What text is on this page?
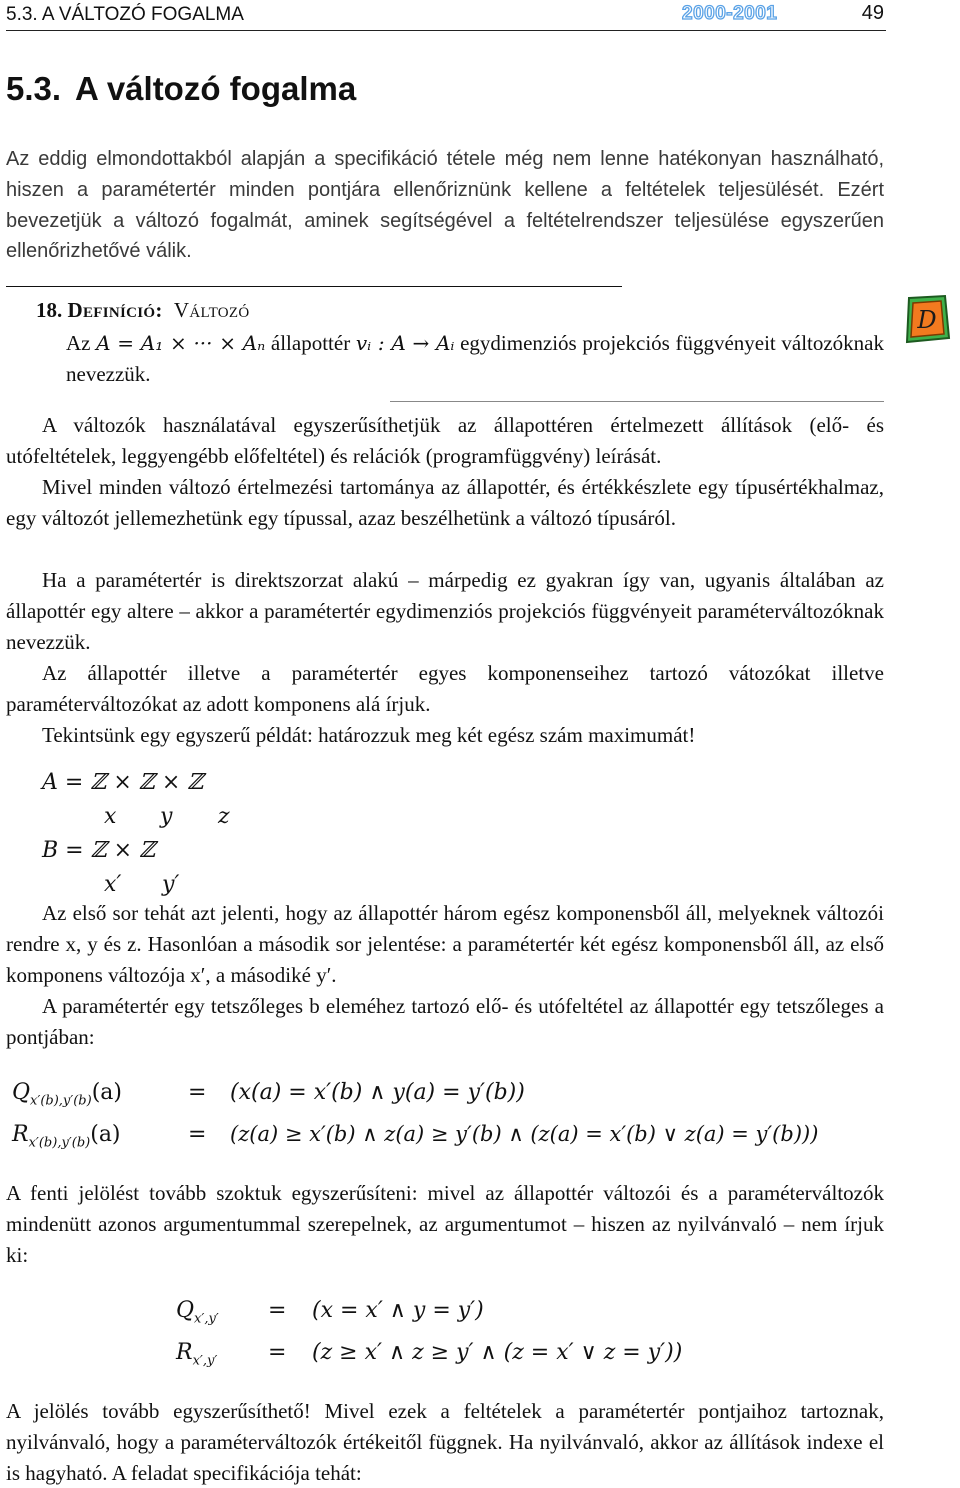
5.3. A VÁLTOZÓ FOGALMA	2000-2001	49
5.3. A változó fogalma

Az eddig elmondottakból alapján a specifikáció tétele még nem lenne hatékonyan használható, hiszen a paramétertér minden pontjára ellenőriznünk kellene a feltételek teljesülését. Ezért bevezetjük a változó fogalmát, aminek segítségével a feltételrendszer teljesülése egyszerűen ellenőrizhetővé válik.

18. Definíció: Változó

Az A = A₁ × ··· × Aₙ állapottér vᵢ : A → Aᵢ egydimenziós projekciós függvényeit változóknak nevezzük.

D

A változók használatával egyszerűsíthetjük az állapottéren értelmezett állítások (elő- és utófeltételek, leggyengébb előfeltétel) és relációk (programfüggvény) leírását.

Mivel minden változó értelmezési tartománya az állapottér, és értékkészlete egy típusértékhalmaz, egy változót jellemezhetünk egy típussal, azaz beszélhetünk a változó típusáról.

Ha a paramétertér is direktszorzat alakú – márpedig ez gyakran így van, ugyanis általában az állapottér egy altere – akkor a paramétertér egydimenziós projekciós függvényeit paraméterváltozóknak nevezzük.

Az állapottér illetve a paramétertér egyes komponenseihez tartozó vátozókat illetve paraméterváltozókat az adott komponens alá írjuk.

Tekintsünk egy egyszerű példát: határozzuk meg két egész szám maximumát!

A = ℤ × ℤ × ℤ
x y z
B = ℤ × ℤ
x′ y′

Az első sor tehát azt jelenti, hogy az állapottér három egész komponensből áll, melyeknek változói rendre x, y és z. Hasonlóan a második sor jelentése: a paramétertér két egész komponensből áll, az első komponens változója x′, a másodiké y′.

A paramétertér egy tetszőleges b eleméhez tartozó elő- és utófeltétel az állapottér egy tetszőleges a pontjában:

$Q_{x'(b),y'(b)}(a)$	= (x(a) = x′(b) ∧ y(a) = y′(b))
$R_{x'(b),y'(b)}(a)$	= (z(a) ≥ x′(b) ∧ z(a) ≥ y′(b) ∧ (z(a) = x′(b) ∨ z(a) = y′(b)))

A fenti jelölést tovább szoktuk egyszerűsíteni: mivel az állapottér változói és a paraméterváltozók mindenütt azonos argumentummal szerepelnek, az argumentumot – hiszen az nyilvánvaló – nem írjuk ki:

$Q_{x',y'} = (x = x'$ ∧ y = y′)
$R_{x',y'} = (z \ge x'$ ∧ z ≥ y′ ∧ (z = x′ ∨ z = y′))

A jelölés tovább egyszerűsíthető! Mivel ezek a feltételek a paramétertér pontjaihoz tartoznak, nyilvánvaló, hogy a paraméterváltozók értékeitől függnek. Ha nyilvánvaló, akkor az állítások indexe el is hagyható. A feladat specifikációja tehát:
